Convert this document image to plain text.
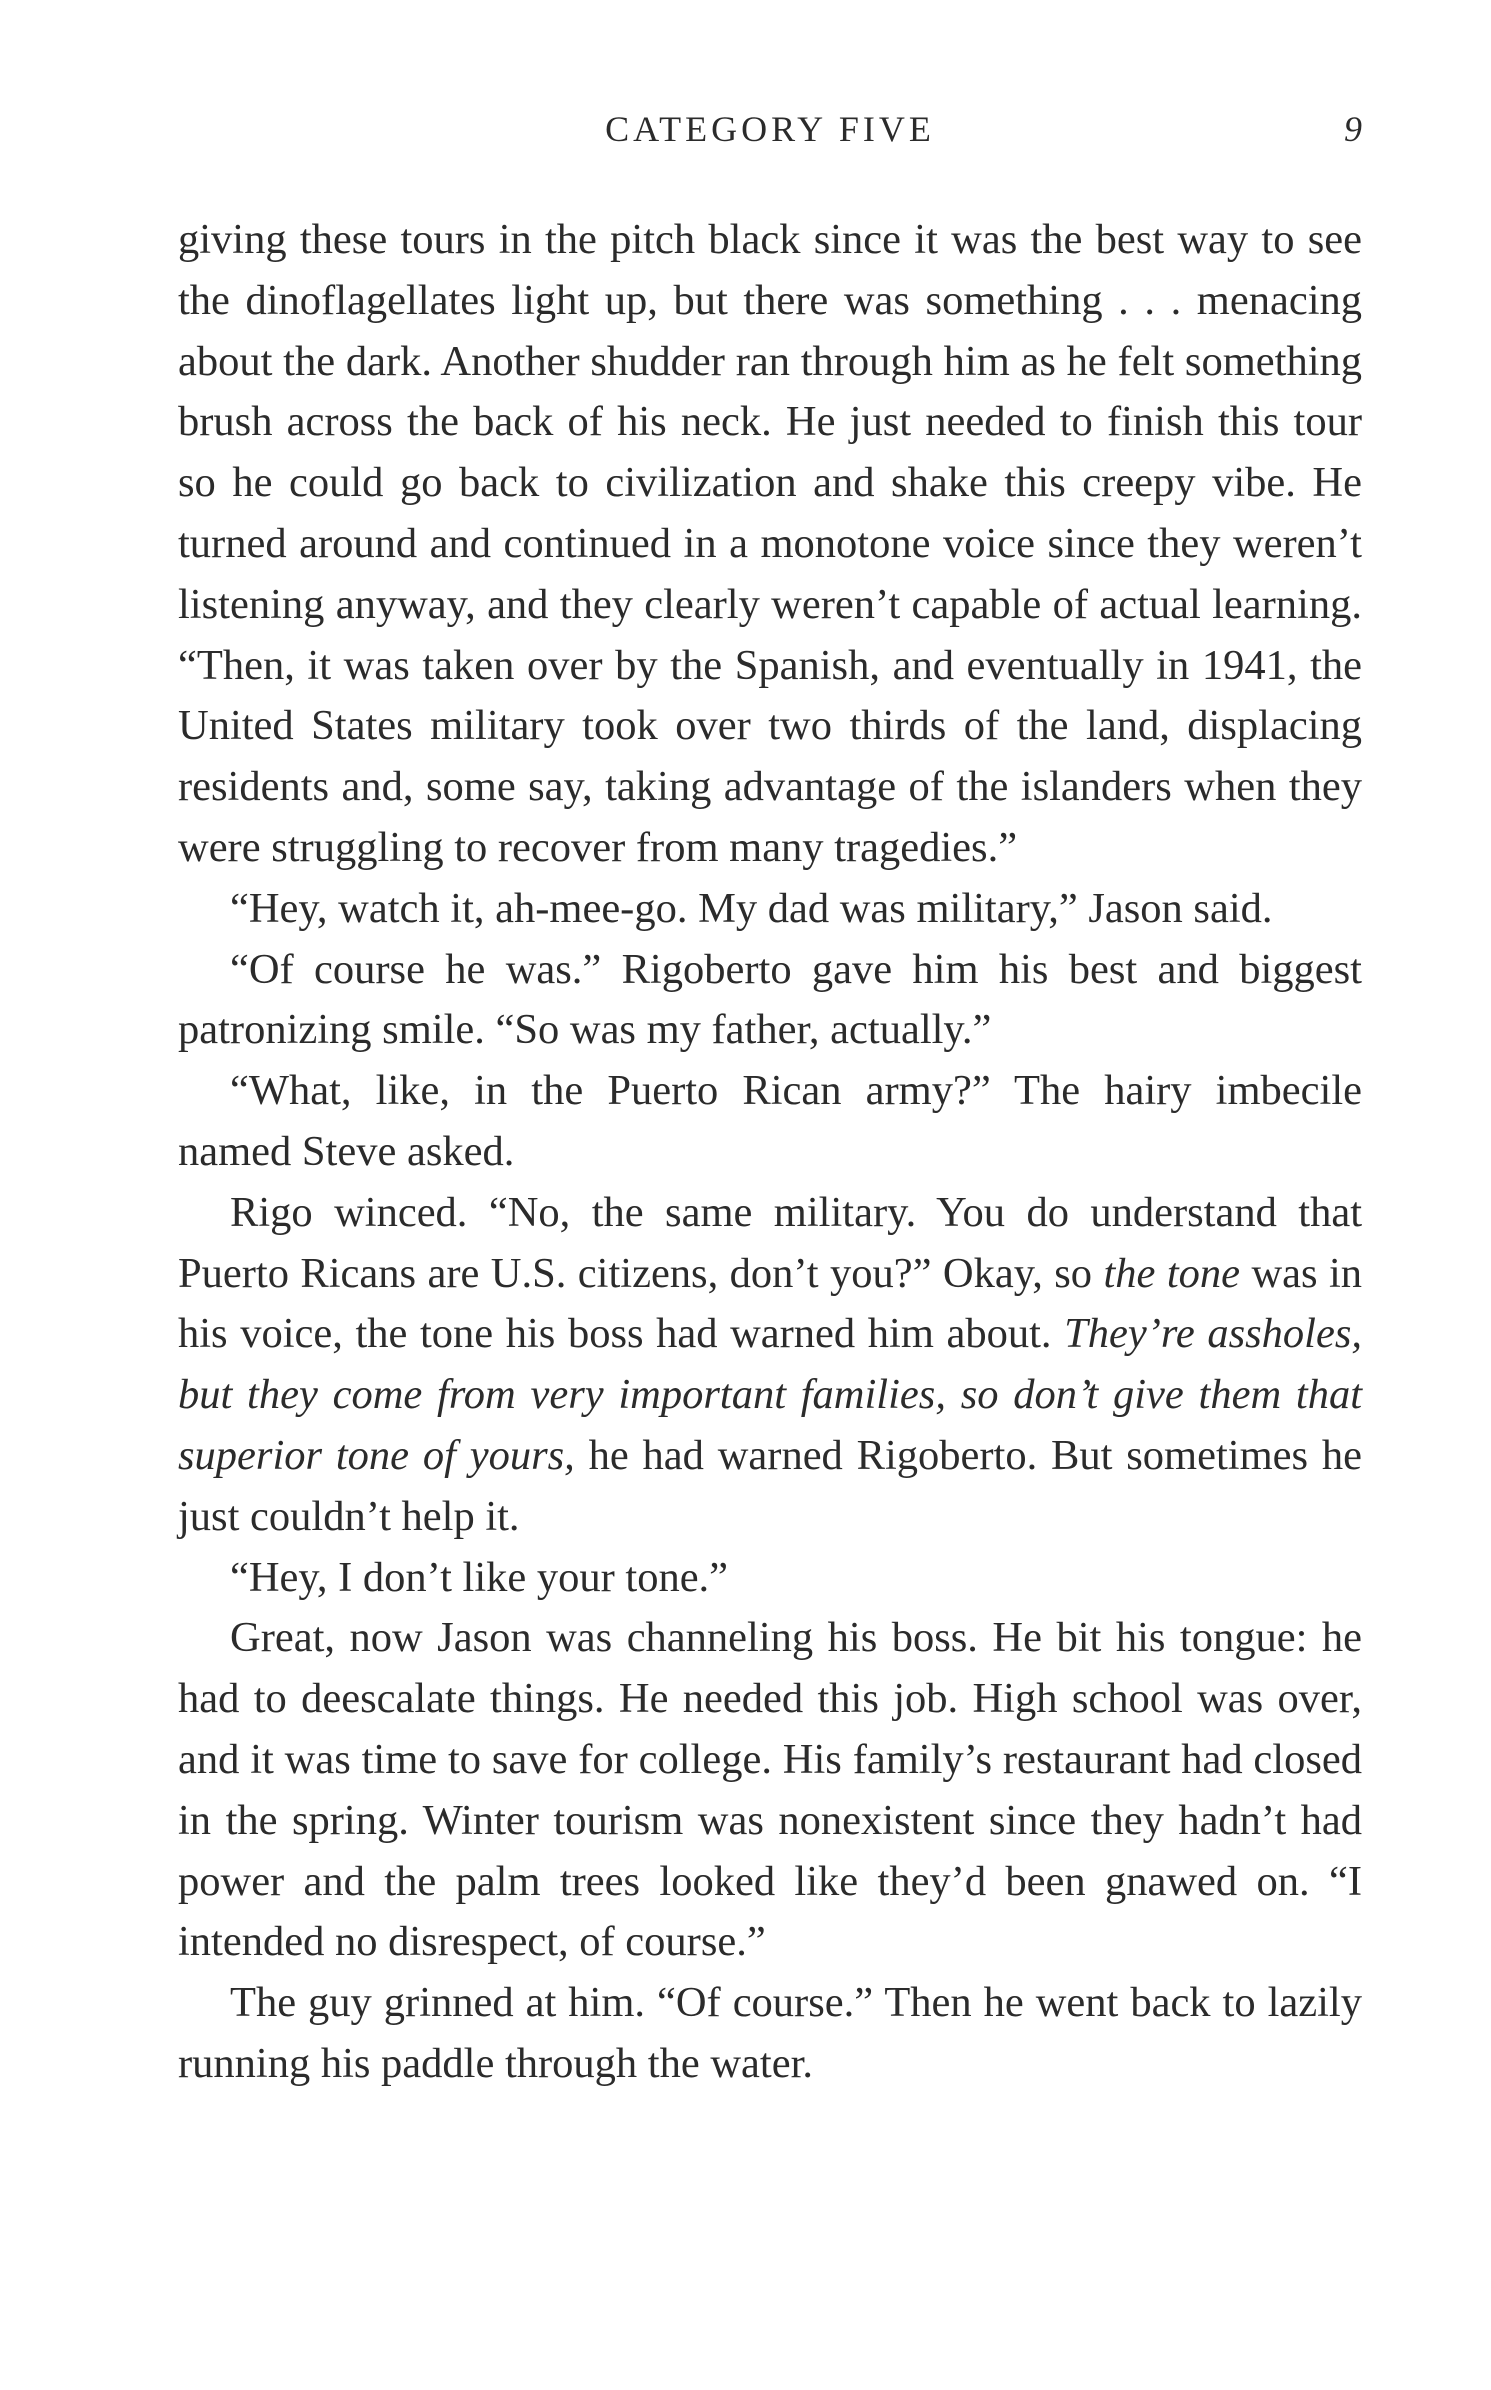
CATEGORY FIVE	9

giving these tours in the pitch black since it was the best way to see the dinoflagellates light up, but there was something . . . menacing about the dark. Another shudder ran through him as he felt something brush across the back of his neck. He just needed to finish this tour so he could go back to civilization and shake this creepy vibe. He turned around and continued in a monotone voice since they weren’t listening anyway, and they clearly weren’t capable of actual learning. “Then, it was taken over by the Spanish, and eventually in 1941, the United States military took over two thirds of the land, displacing residents and, some say, taking advantage of the islanders when they were struggling to recover from many tragedies.”

“Hey, watch it, ah-mee-go. My dad was military,” Jason said.

“Of course he was.” Rigoberto gave him his best and biggest patronizing smile. “So was my father, actually.”

“What, like, in the Puerto Rican army?” The hairy imbecile named Steve asked.

Rigo winced. “No, the same military. You do understand that Puerto Ricans are U.S. citizens, don’t you?” Okay, so the tone was in his voice, the tone his boss had warned him about. They’re assholes, but they come from very important families, so don’t give them that superior tone of yours, he had warned Rigoberto. But sometimes he just couldn’t help it.

“Hey, I don’t like your tone.”

Great, now Jason was channeling his boss. He bit his tongue: he had to deescalate things. He needed this job. High school was over, and it was time to save for college. His family’s restaurant had closed in the spring. Winter tourism was nonexistent since they hadn’t had power and the palm trees looked like they’d been gnawed on. “I intended no disrespect, of course.”

The guy grinned at him. “Of course.” Then he went back to lazily running his paddle through the water.
